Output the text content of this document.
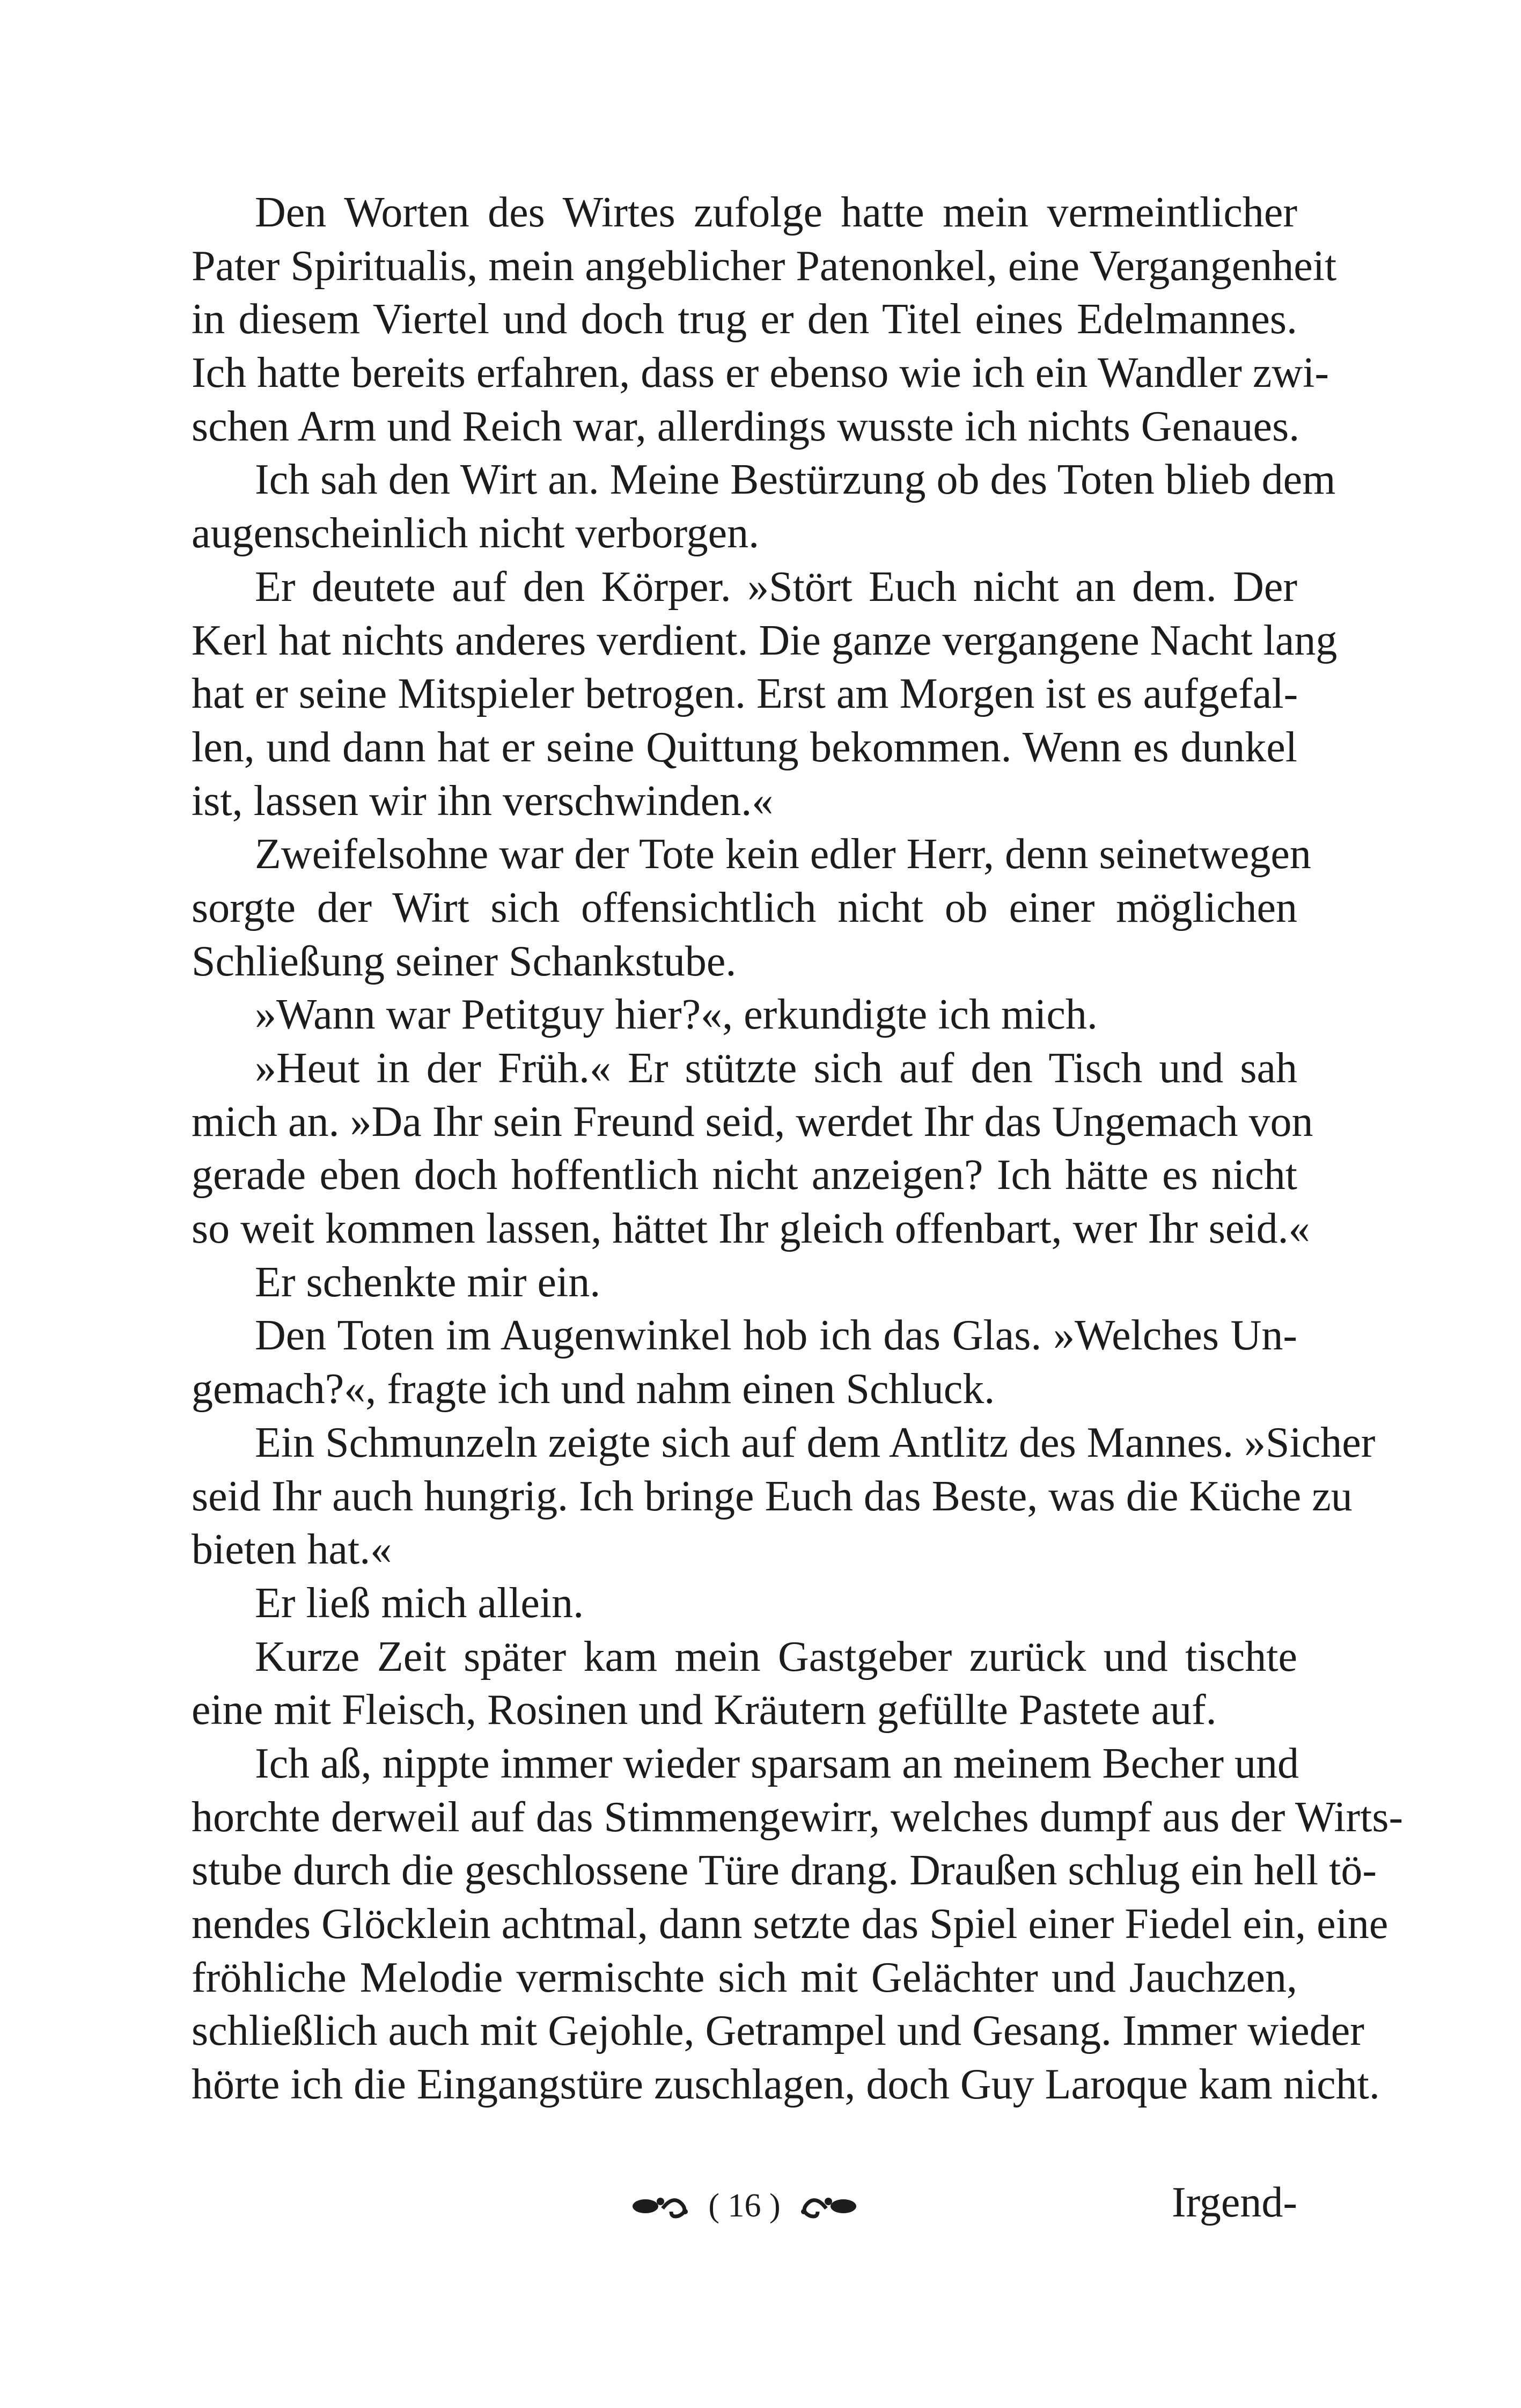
Den Worten des Wirtes zufolge hatte mein vermeintlicher
Pater Spiritualis, mein angeblicher Patenonkel, eine Vergangenheit
in diesem Viertel und doch trug er den Titel eines Edelmannes.
Ich hatte bereits erfahren, dass er ebenso wie ich ein Wandler zwi-
schen Arm und Reich war, allerdings wusste ich nichts Genaues.
Ich sah den Wirt an. Meine Bestürzung ob des Toten blieb dem
augenscheinlich nicht verborgen.
Er deutete auf den Körper. »Stört Euch nicht an dem. Der
Kerl hat nichts anderes verdient. Die ganze vergangene Nacht lang
hat er seine Mitspieler betrogen. Erst am Morgen ist es aufgefal-
len, und dann hat er seine Quittung bekommen. Wenn es dunkel
ist, lassen wir ihn verschwinden.«
Zweifelsohne war der Tote kein edler Herr, denn seinetwegen
sorgte der Wirt sich offensichtlich nicht ob einer möglichen
Schließung seiner Schankstube.
»Wann war Petitguy hier?«, erkundigte ich mich.
»Heut in der Früh.« Er stützte sich auf den Tisch und sah
mich an. »Da Ihr sein Freund seid, werdet Ihr das Ungemach von
gerade eben doch hoffentlich nicht anzeigen? Ich hätte es nicht
so weit kommen lassen, hättet Ihr gleich offenbart, wer Ihr seid.«
Er schenkte mir ein.
Den Toten im Augenwinkel hob ich das Glas. »Welches Un-
gemach?«, fragte ich und nahm einen Schluck.
Ein Schmunzeln zeigte sich auf dem Antlitz des Mannes. »Sicher
seid Ihr auch hungrig. Ich bringe Euch das Beste, was die Küche zu
bieten hat.«
Er ließ mich allein.
Kurze Zeit später kam mein Gastgeber zurück und tischte
eine mit Fleisch, Rosinen und Kräutern gefüllte Pastete auf.
Ich aß, nippte immer wieder sparsam an meinem Becher und
horchte derweil auf das Stimmengewirr, welches dumpf aus der Wirts-
stube durch die geschlossene Türe drang. Draußen schlug ein hell tö-
nendes Glöcklein achtmal, dann setzte das Spiel einer Fiedel ein, eine
fröhliche Melodie vermischte sich mit Gelächter und Jauchzen,
schließlich auch mit Gejohle, Getrampel und Gesang. Immer wieder
hörte ich die Eingangstüre zuschlagen, doch Guy Laroque kam nicht.
( 16 )	Irgend-
